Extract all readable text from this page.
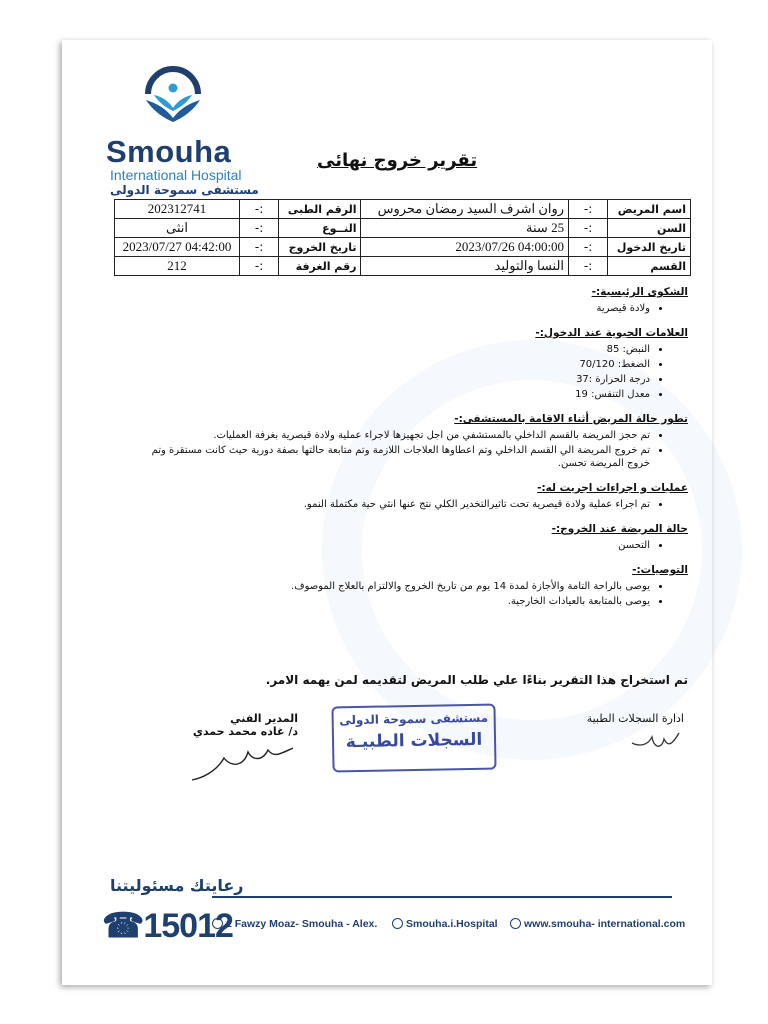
Smouha
International Hospital
مستشفى سموحة الدولى
تقرير خروج نهائى
اسم المريض	:-	روان اشرف السيد رمضان محروس	الرقم الطبى	:-	202312741
السن	:-	25 سنة	النــوع	:-	انثى
تاريخ الدخول	:-	04:00:00 2023/07/26	تاريخ الخروج	:-	04:42:00 2023/07/27
القسم	:-	النسا والتوليد	رقم الغرفة	:-	212
الشكوى الرئيسية:-
• ولادة قيصرية
العلامات الحيوية عند الدخول:-
• النبض: 85
• الضغط: 70/120
• درجة الحرارة :37
• معدل التنفس: 19
تطور حالة المريض أثناء الاقامة بالمستشفى:-
• تم حجز المريضة بالقسم الداخلي بالمستشفي من اجل تجهيزها لاجراء عملية ولادة قيصرية بغرفة العمليات.
• تم خروج المريضة الي القسم الداخلي وتم اعطاوها العلاجات اللازمة وتم متابعة حالتها بصفة دورية حيث كانت مستقرة وتم خروج المريضة تحسن.
عمليات و اجراءات اجريت له:-
• تم اجراء عملية ولادة قيصرية تحت تاثيرالتخدير الكلي نتج عنها انثي حية مكتملة النمو.
حالة المريضة عند الخروج:-
• التحسن
التوصيات:-
• يوصى بالراحة التامة والأجازة لمدة 14 يوم من تاريخ الخروج والالتزام بالعلاج الموصوف.
• يوصى بالمتابعة بالعيادات الخارجية.
تم استخراج هذا التقرير بناءًا علي طلب المريض لتقديمه لمن يهمه الامر.
ادارة السجلات الطبية
مستشفى سموحة الدولى
السجلات الطبيـة
المدير الفني
د/ غاده محمد حمدي
رعايتك مسئوليتنا
☎15012
1 Fawzy Moaz- Smouha - Alex.	Smouha.i.Hospital	www.smouha- international.com
